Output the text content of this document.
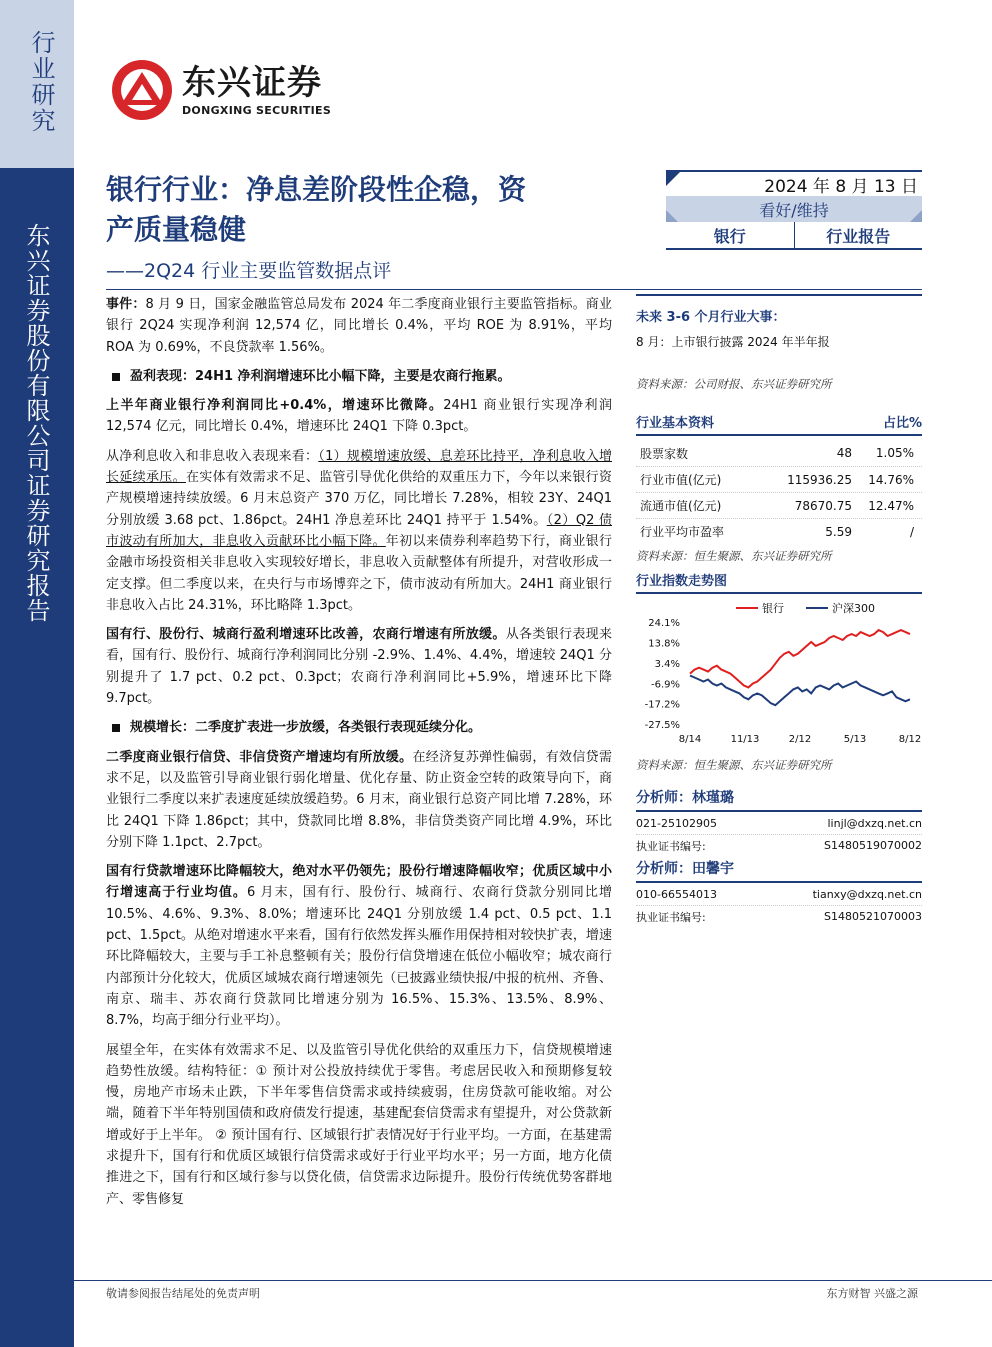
行业研究
东兴证券股份有限公司证券研究报告
东兴证券
DONGXING SECURITIES
银行行业：净息差阶段性企稳，资
产质量稳健
——2Q24 行业主要监管数据点评
2024 年 8 月 13 日
看好/维持
银行	行业报告

事件：8 月 9 日，国家金融监管总局发布 2024 年二季度商业银行主要监管指标。商业银行 2Q24 实现净利润 12,574 亿，同比增长 0.4%，平均 ROE 为 8.91%，平均 ROA 为 0.69%，不良贷款率 1.56%。

盈利表现：24H1 净利润增速环比小幅下降，主要是农商行拖累。

上半年商业银行净利润同比+0.4%，增速环比微降。24H1 商业银行实现净利润 12,574 亿元，同比增长 0.4%，增速环比 24Q1 下降 0.3pct。

从净利息收入和非息收入表现来看：（1）规模增速放缓、息差环比持平，净利息收入增长延续承压。在实体有效需求不足、监管引导优化供给的双重压力下，今年以来银行资产规模增速持续放缓。6 月末总资产 370 万亿，同比增长 7.28%，相较 23Y、24Q1 分别放缓 3.68 pct、1.86pct。24H1 净息差环比 24Q1 持平于 1.54%。（2）Q2 债市波动有所加大，非息收入贡献环比小幅下降。年初以来债券利率趋势下行，商业银行金融市场投资相关非息收入实现较好增长，非息收入贡献整体有所提升，对营收形成一定支撑。但二季度以来，在央行与市场博弈之下，债市波动有所加大。24H1 商业银行非息收入占比 24.31%，环比略降 1.3pct。

国有行、股份行、城商行盈利增速环比改善，农商行增速有所放缓。从各类银行表现来看，国有行、股份行、城商行净利润同比分别 -2.9%、1.4%、4.4%，增速较 24Q1 分别提升了 1.7 pct、0.2 pct、0.3pct；农商行净利润同比+5.9%，增速环比下降 9.7pct。

规模增长：二季度扩表进一步放缓，各类银行表现延续分化。

二季度商业银行信贷、非信贷资产增速均有所放缓。在经济复苏弹性偏弱，有效信贷需求不足，以及监管引导商业银行弱化增量、优化存量、防止资金空转的政策导向下，商业银行二季度以来扩表速度延续放缓趋势。6 月末，商业银行总资产同比增 7.28%，环比 24Q1 下降 1.86pct；其中，贷款同比增 8.8%，非信贷类资产同比增 4.9%，环比分别下降 1.1pct、2.7pct。

国有行贷款增速环比降幅较大，绝对水平仍领先；股份行增速降幅收窄；优质区域中小行增速高于行业均值。6 月末，国有行、股份行、城商行、农商行贷款分别同比增 10.5%、4.6%、9.3%、8.0%；增速环比 24Q1 分别放缓 1.4 pct、0.5 pct、1.1 pct、1.5pct。从绝对增速水平来看，国有行依然发挥头雁作用保持相对较快扩表，增速环比降幅较大，主要与手工补息整顿有关；股份行信贷增速在低位小幅收窄；城农商行内部预计分化较大，优质区域城农商行增速领先（已披露业绩快报/中报的杭州、齐鲁、南京、瑞丰、苏农商行贷款同比增速分别为 16.5%、15.3%、13.5%、8.9%、8.7%，均高于细分行业平均）。

展望全年，在实体有效需求不足、以及监管引导优化供给的双重压力下，信贷规模增速趋势性放缓。结构特征：① 预计对公投放持续优于零售。考虑居民收入和预期修复较慢，房地产市场未止跌，下半年零售信贷需求或持续疲弱，住房贷款可能收缩。对公端，随着下半年特别国债和政府债发行提速，基建配套信贷需求有望提升，对公贷款新增或好于上半年。 ② 预计国有行、区域银行扩表情况好于行业平均。一方面，在基建需求提升下，国有行和优质区域银行信贷需求或好于行业平均水平；另一方面，地方化债推进之下，国有行和区域行参与以贷化债，信贷需求边际提升。股份行传统优势客群地产、零售修复

未来 3-6 个月行业大事：
8 月：上市银行披露 2024 年半年报
资料来源：公司财报、东兴证券研究所
行业基本资料	占比%
股票家数	48	1.05%
行业市值(亿元)	115936.25	14.76%
流通市值(亿元)	78670.75	12.47%
行业平均市盈率	5.59	/
资料来源：恒生聚源、东兴证券研究所
行业指数走势图
24.1%
13.8%
3.4%
-6.9%
-17.2%
-27.5%
8/14	11/13	2/12	5/13	8/12
银行	沪深300
资料来源：恒生聚源、东兴证券研究所
分析师：林瑾璐
021-25102905	linjl@dxzq.net.cn
执业证书编号:	S1480519070002
分析师：田馨宇
010-66554013	tianxy@dxzq.net.cn
执业证书编号:	S1480521070003
敬请参阅报告结尾处的免责声明	东方财智 兴盛之源
